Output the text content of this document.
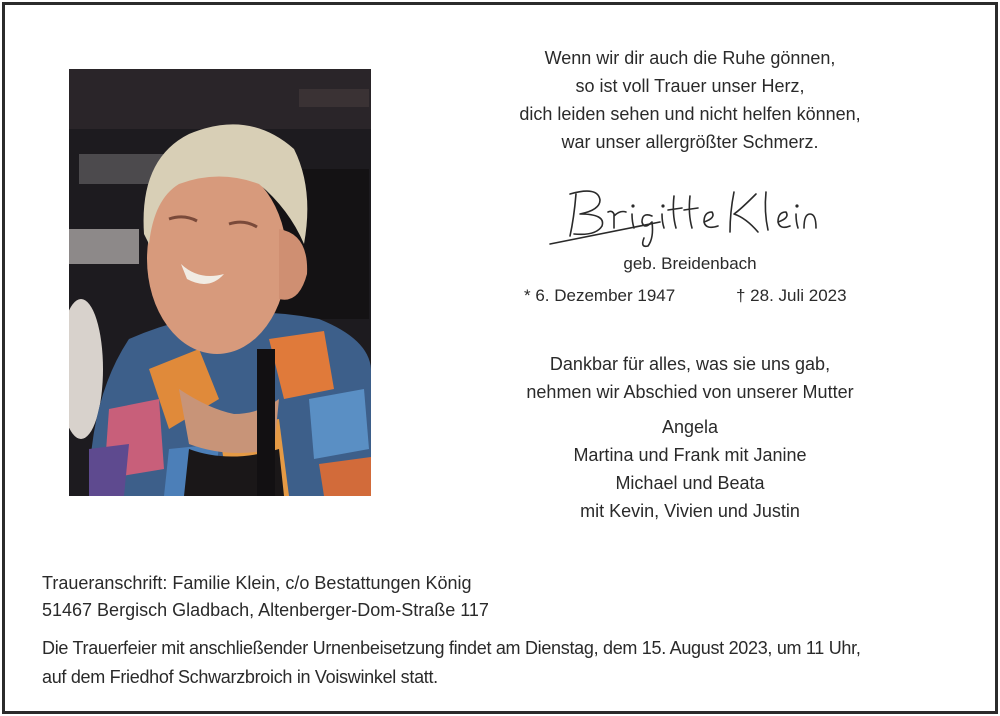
Wenn wir dir auch die Ruhe gönnen,
so ist voll Trauer unser Herz,
dich leiden sehen und nicht helfen können,
war unser allergrößter Schmerz.
geb. Breidenbach
* 6. Dezember 1947	† 28. Juli 2023
Dankbar für alles, was sie uns gab,
nehmen wir Abschied von unserer Mutter
Angela
Martina und Frank mit Janine
Michael und Beata
mit Kevin, Vivien und Justin
Traueranschrift: Familie Klein, c/o Bestattungen König
51467 Bergisch Gladbach, Altenberger-Dom-Straße 117
Die Trauerfeier mit anschließender Urnenbeisetzung findet am Dienstag, dem 15. August 2023, um 11 Uhr,
auf dem Friedhof Schwarzbroich in Voiswinkel statt.
